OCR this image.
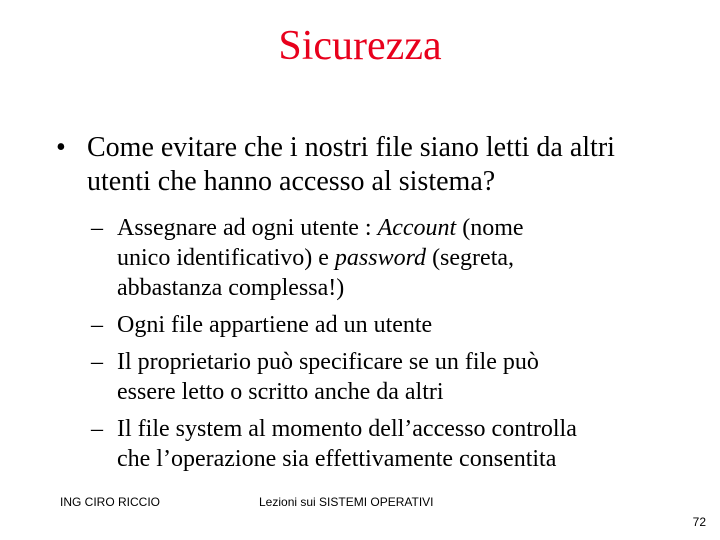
Sicurezza
• Come evitare che i nostri file siano letti da altri utenti che hanno accesso al sistema?
– Assegnare ad ogni utente : Account (nome
unico identificativo) e password (segreta,
abbastanza complessa!)
– Ogni file appartiene ad un utente
– Il proprietario può specificare se un file può
essere letto o scritto anche da altri
– Il file system al momento dell’accesso controlla
che l’operazione sia effettivamente consentita
ING CIRO RICCIO	Lezioni sui SISTEMI OPERATIVI
72
